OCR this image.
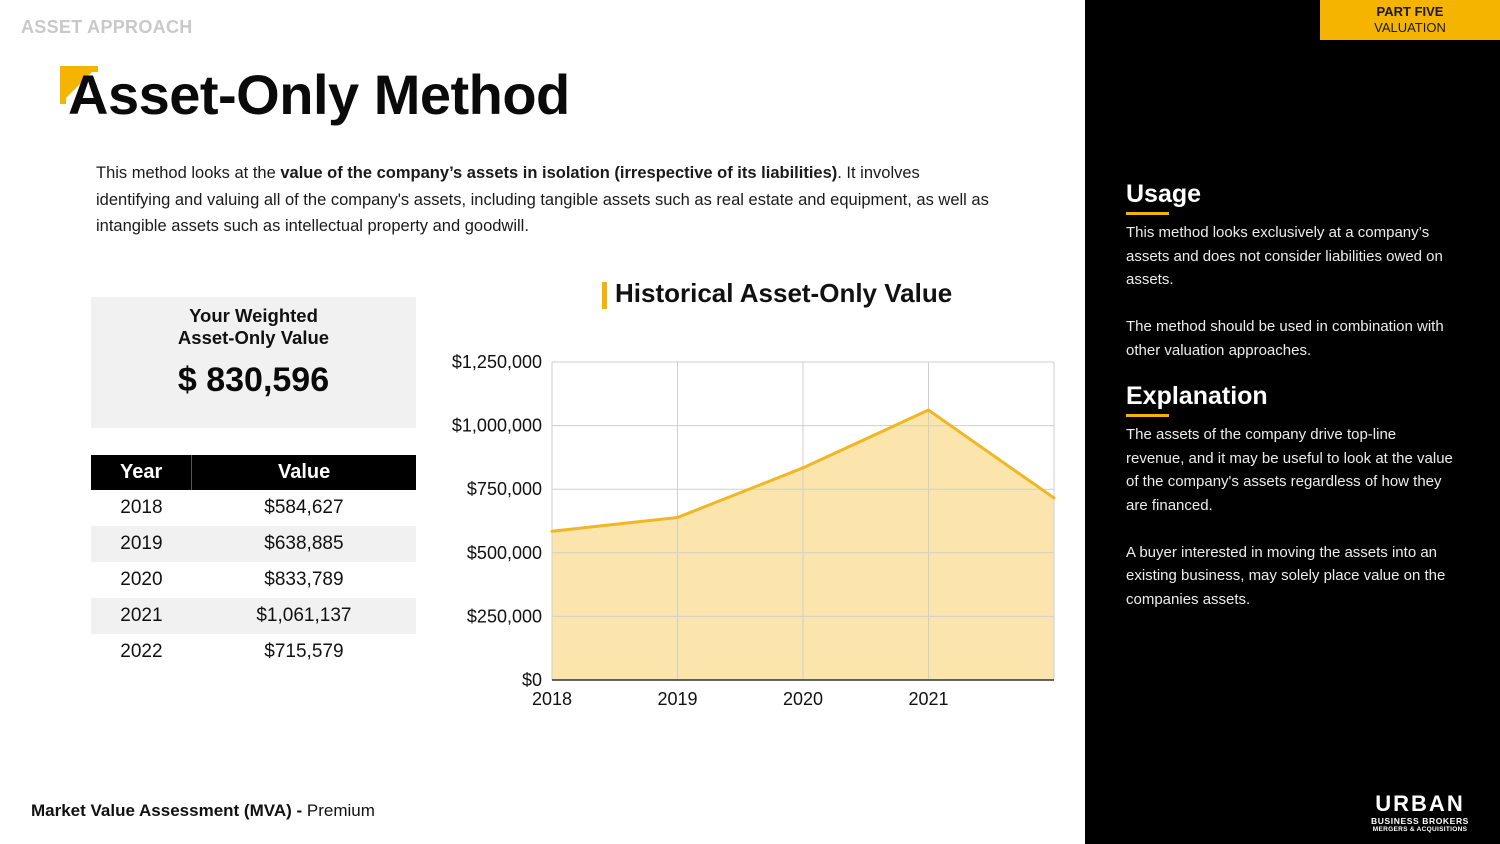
ASSET APPROACH
Asset-Only Method

This method looks at the value of the company’s assets in isolation (irrespective of its liabilities). It involves identifying and valuing all of the company's assets, including tangible assets such as real estate and equipment, as well as intangible assets such as intellectual property and goodwill.

Your Weighted
Asset-Only Value
$ 830,596
Year	Value
2018	$584,627
2019	$638,885
2020	$833,789
2021	$1,061,137
2022	$715,579
Historical Asset-Only Value
$0
$250,000
$500,000
$750,000
$1,000,000
$1,250,000
2018	2019	2020	2021
Market Value Assessment (MVA) - Premium
PART FIVE
VALUATION
Usage

This method looks exclusively at a company’s assets and does not consider liabilities owed on assets.

The method should be used in combination with other valuation approaches.

Explanation

The assets of the company drive top-line revenue, and it may be useful to look at the value of the company's assets regardless of how they are financed.

A buyer interested in moving the assets into an existing business, may solely place value on the companies assets.

URBAN
BUSINESS BROKERS
MERGERS & ACQUISITIONS
